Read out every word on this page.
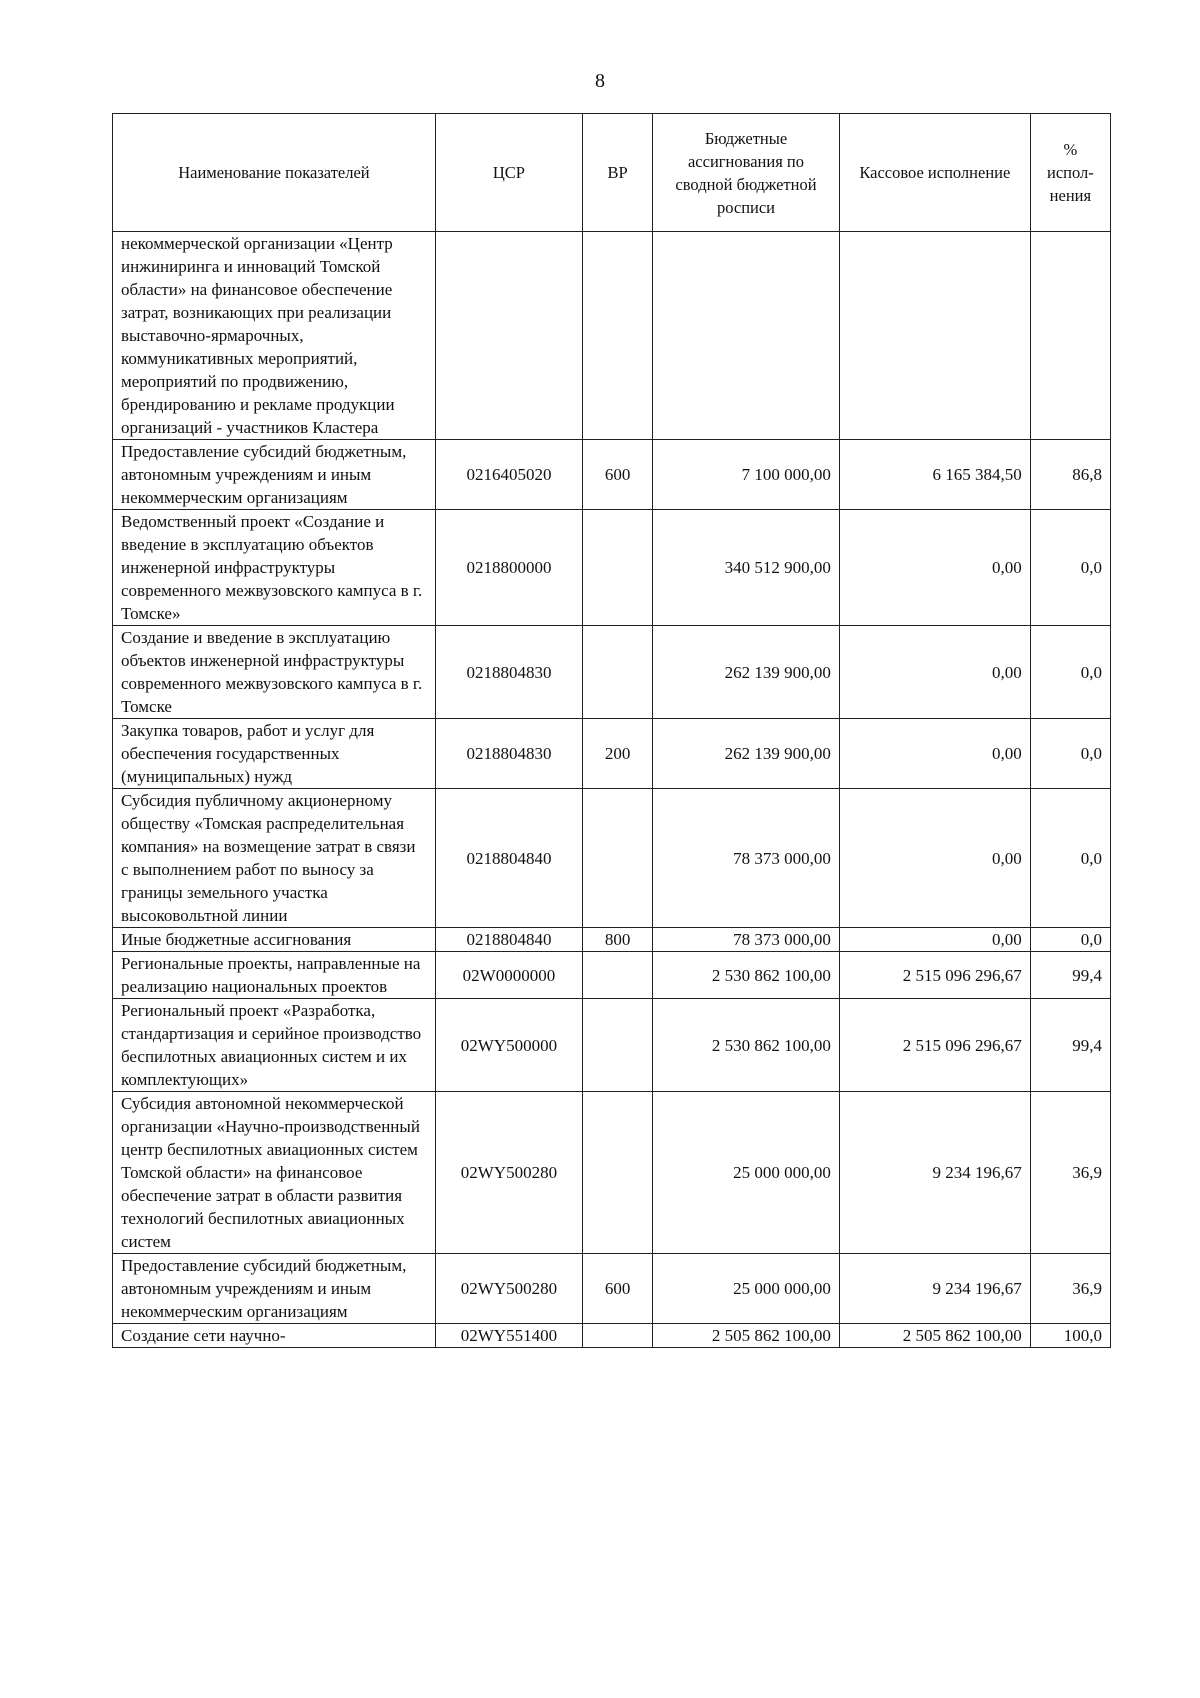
8
Наименование показателей	ЦСР	ВР	Бюджетные ассигнования по сводной бюджетной росписи	Кассовое исполнение	% испол-нения
некоммерческой организации «Центр инжиниринга и инноваций Томской области» на финансовое обеспечение затрат, возникающих при реализации выставочно-ярмарочных, коммуникативных мероприятий, мероприятий по продвижению, брендированию и рекламе продукции организаций - участников Кластера					
Предоставление субсидий бюджетным, автономным учреждениям и иным некоммерческим организациям	0216405020	600	7 100 000,00	6 165 384,50	86,8
Ведомственный проект «Создание и введение в эксплуатацию объектов инженерной инфраструктуры современного межвузовского кампуса в г. Томске»	0218800000		340 512 900,00	0,00	0,0
Создание и введение в эксплуатацию объектов инженерной инфраструктуры современного межвузовского кампуса в г. Томске	0218804830		262 139 900,00	0,00	0,0
Закупка товаров, работ и услуг для обеспечения государственных (муниципальных) нужд	0218804830	200	262 139 900,00	0,00	0,0
Субсидия публичному акционерному обществу «Томская распределительная компания» на возмещение затрат в связи с выполнением работ по выносу за границы земельного участка высоковольтной линии	0218804840		78 373 000,00	0,00	0,0
Иные бюджетные ассигнования	0218804840	800	78 373 000,00	0,00	0,0
Региональные проекты, направленные на реализацию национальных проектов	02W0000000		2 530 862 100,00	2 515 096 296,67	99,4
Региональный проект «Разработка, стандартизация и серийное производство беспилотных авиационных систем и их комплектующих»	02WY500000		2 530 862 100,00	2 515 096 296,67	99,4
Субсидия автономной некоммерческой организации «Научно-производственный центр беспилотных авиационных систем Томской области» на финансовое обеспечение затрат в области развития технологий беспилотных авиационных систем	02WY500280		25 000 000,00	9 234 196,67	36,9
Предоставление субсидий бюджетным, автономным учреждениям и иным некоммерческим организациям	02WY500280	600	25 000 000,00	9 234 196,67	36,9
Создание сети научно-	02WY551400		2 505 862 100,00	2 505 862 100,00	100,0
